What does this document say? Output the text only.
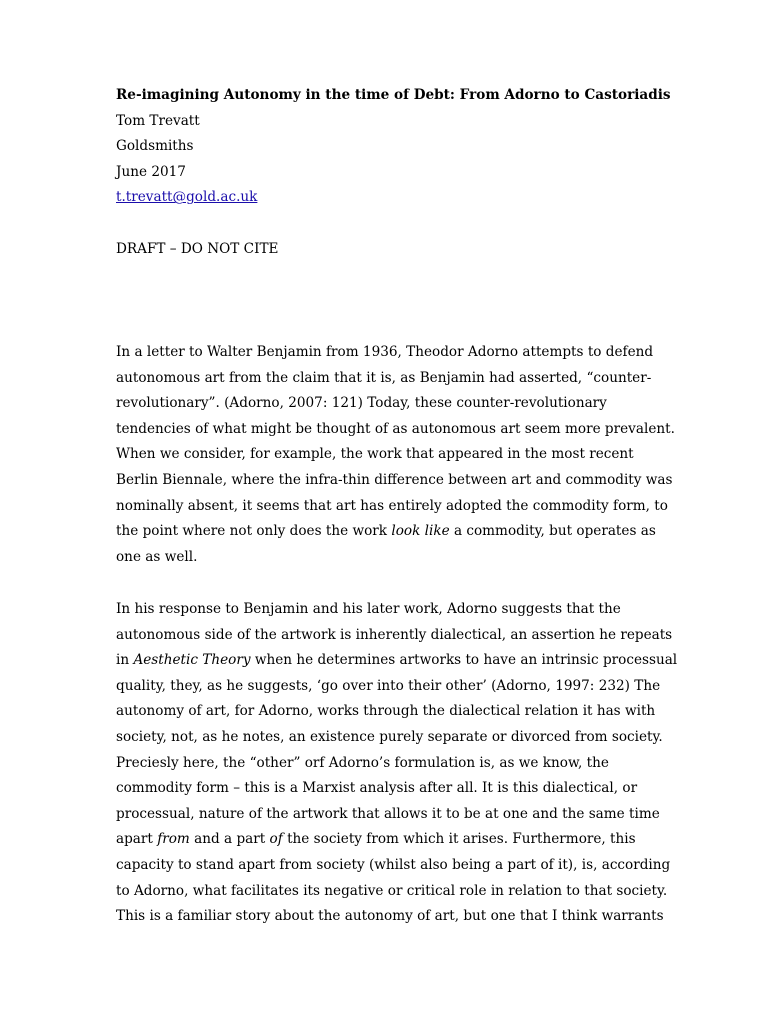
Re-imagining Autonomy in the time of Debt: From Adorno to Castoriadis
Tom Trevatt
Goldsmiths
June 2017
t.trevatt@gold.ac.uk
DRAFT – DO NOT CITE
In a letter to Walter Benjamin from 1936, Theodor Adorno attempts to defend
autonomous art from the claim that it is, as Benjamin had asserted, “counter-
revolutionary”. (Adorno, 2007: 121) Today, these counter-revolutionary
tendencies of what might be thought of as autonomous art seem more prevalent.
When we consider, for example, the work that appeared in the most recent
Berlin Biennale, where the infra-thin difference between art and commodity was
nominally absent, it seems that art has entirely adopted the commodity form, to
the point where not only does the work look like a commodity, but operates as
one as well.
In his response to Benjamin and his later work, Adorno suggests that the
autonomous side of the artwork is inherently dialectical, an assertion he repeats
in Aesthetic Theory when he determines artworks to have an intrinsic processual
quality, they, as he suggests, ‘go over into their other’ (Adorno, 1997: 232) The
autonomy of art, for Adorno, works through the dialectical relation it has with
society, not, as he notes, an existence purely separate or divorced from society.
Preciesly here, the “other” orf Adorno’s formulation is, as we know, the
commodity form – this is a Marxist analysis after all. It is this dialectical, or
processual, nature of the artwork that allows it to be at one and the same time
apart from and a part of the society from which it arises. Furthermore, this
capacity to stand apart from society (whilst also being a part of it), is, according
to Adorno, what facilitates its negative or critical role in relation to that society.
This is a familiar story about the autonomy of art, but one that I think warrants
